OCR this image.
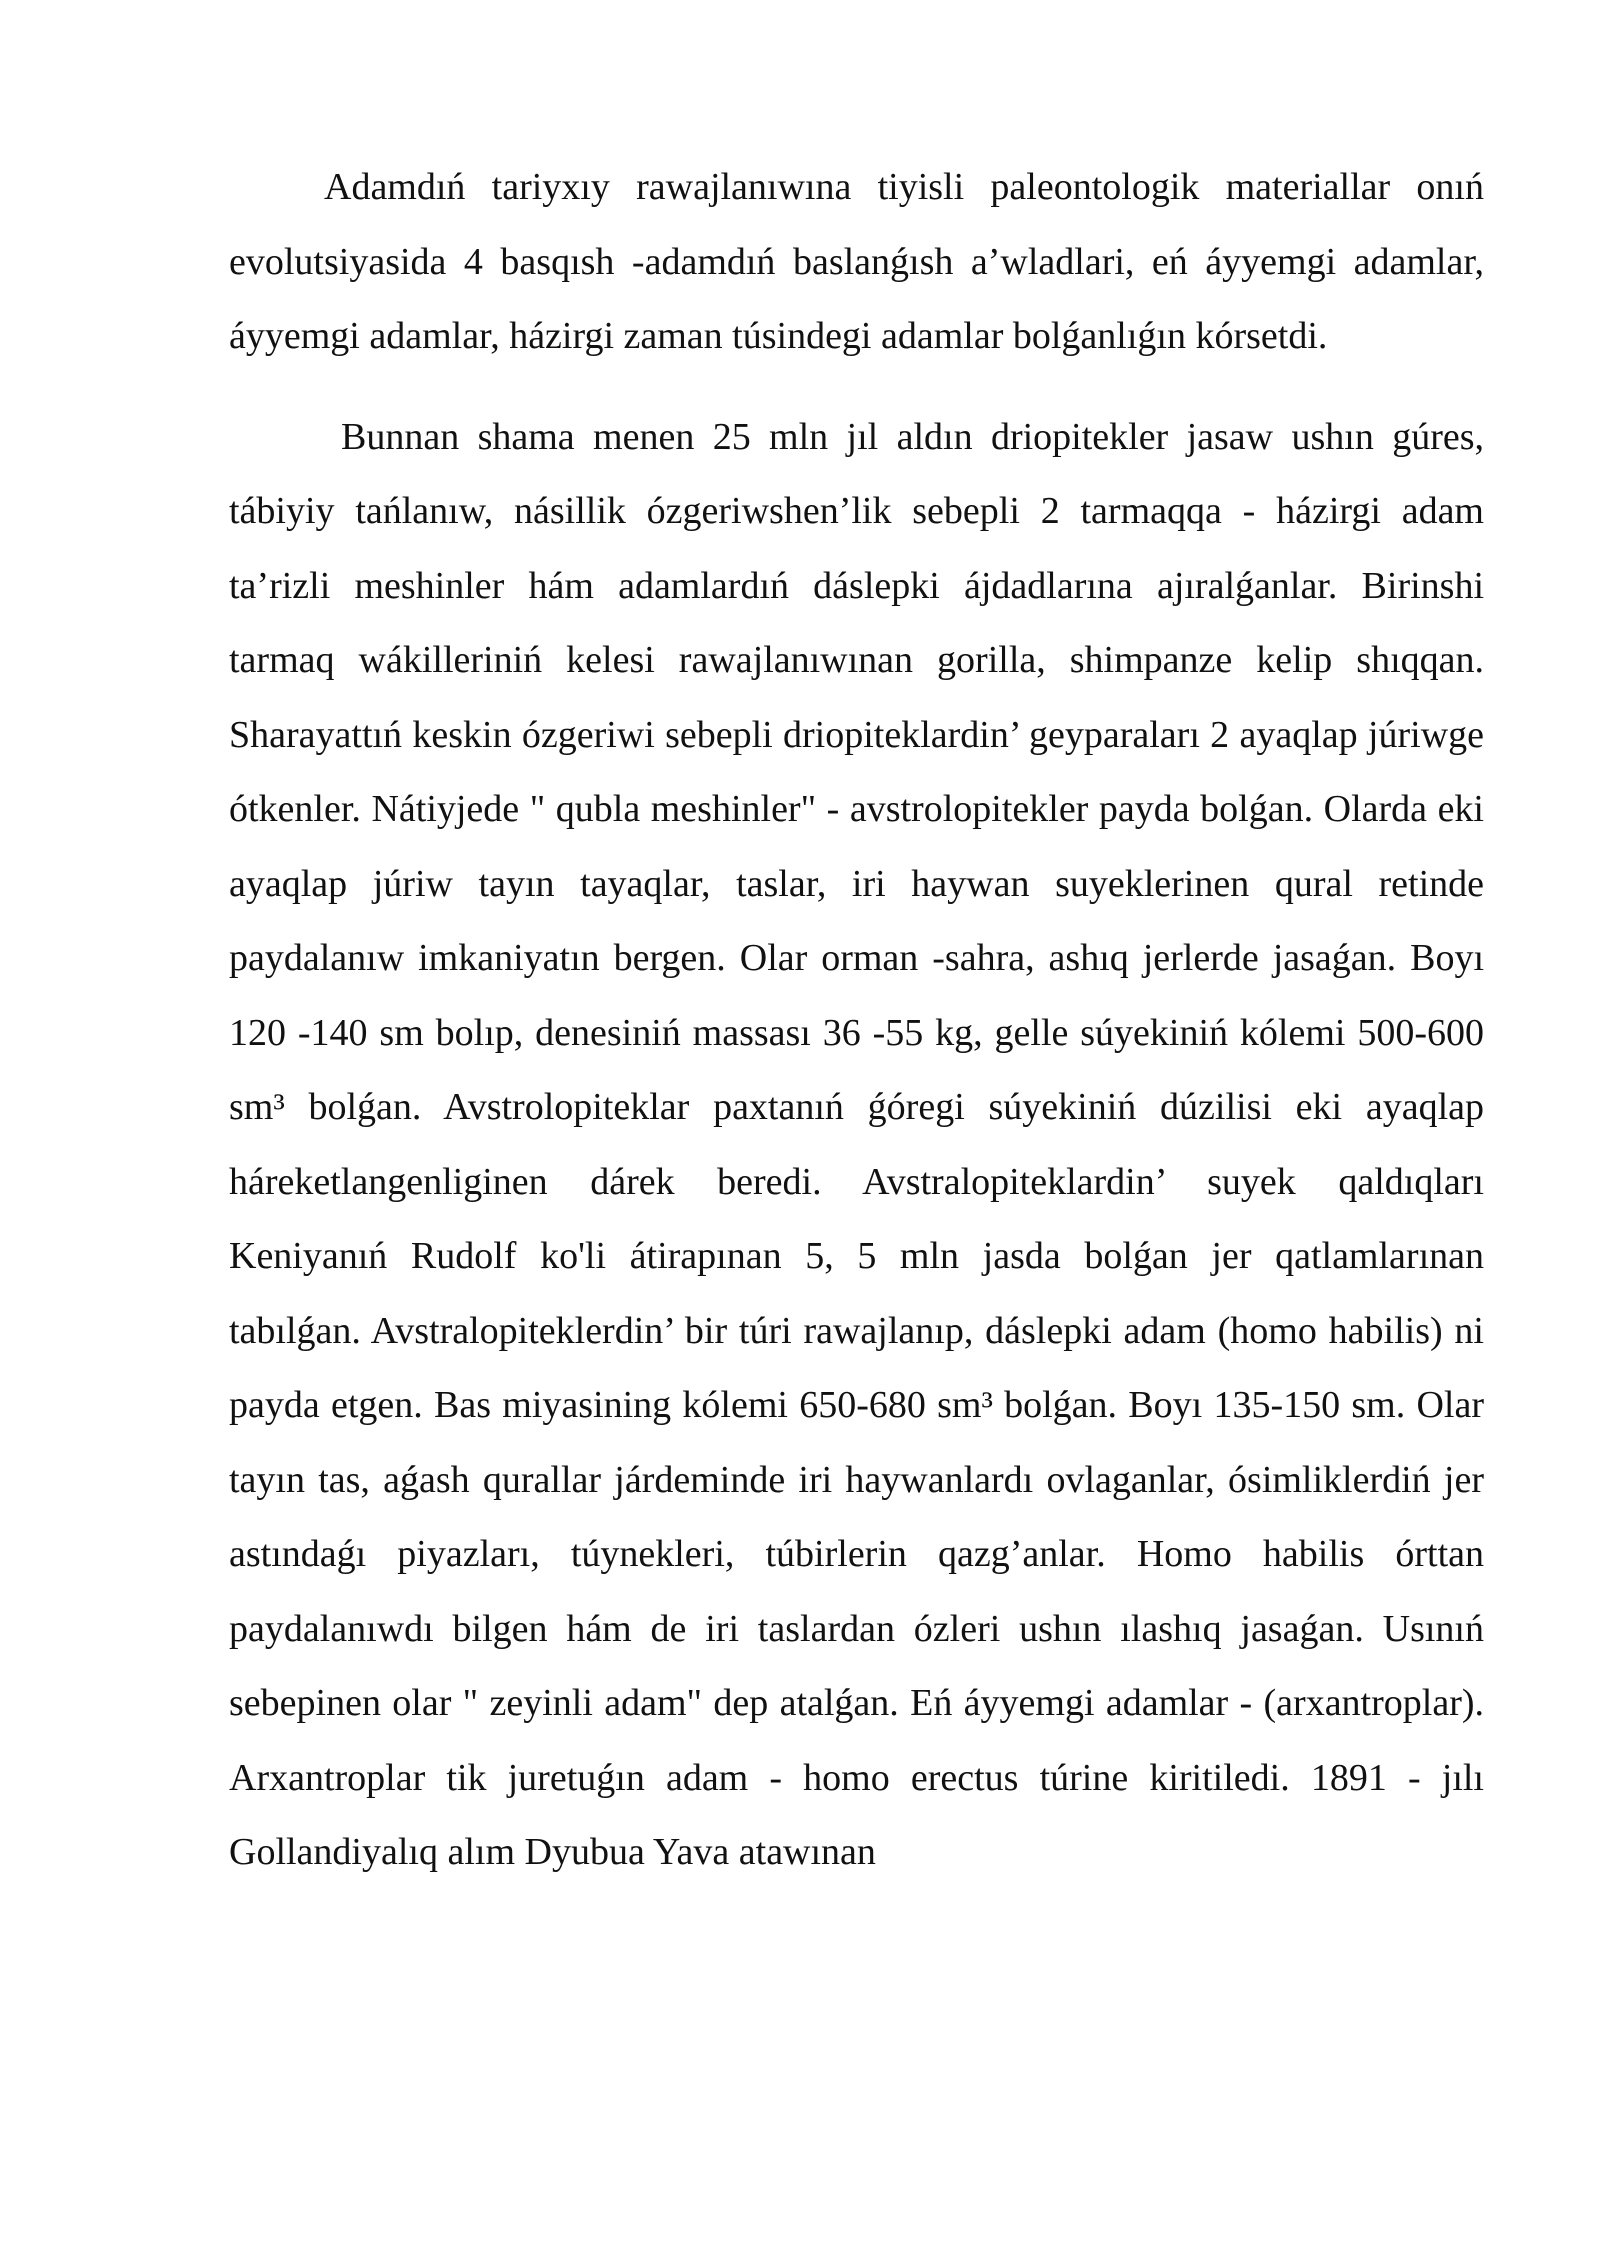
Adamdıń tariyxıy rawajlanıwına tiyisli paleontologik materiallar onıń evolutsiyasida 4 basqısh -adamdıń baslanǵısh a’wladlari, eń áyyemgi adamlar, áyyemgi adamlar, házirgi zaman túsindegi adamlar bolǵanlıǵın kórsetdi.

Bunnan shama menen 25 mln jıl aldın driopitekler jasaw ushın gúres, tábiyiy tańlanıw, násillik ózgeriwshen’lik sebepli 2 tarmaqqa - házirgi adam ta’rizli meshinler hám adamlardıń dáslepki ájdadlarına ajıralǵanlar. Birinshi tarmaq wákilleriniń kelesi rawajlanıwınan gorilla, shimpanze kelip shıqqan. Sharayattıń keskin ózgeriwi sebepli driopiteklardin’ geyparaları 2 ayaqlap júriwge ótkenler. Nátiyjede " qubla meshinler" - avstrolopitekler payda bolǵan. Olarda eki ayaqlap júriw tayın tayaqlar, taslar, iri haywan suyeklerinen qural retinde paydalanıw imkaniyatın bergen. Olar orman -sahra, ashıq jerlerde jasaǵan. Boyı 120 -140 sm bolıp, denesiniń massası 36 -55 kg, gelle súyekiniń kólemi 500-600 sm³ bolǵan. Avstrolopiteklar paxtanıń ǵóregi súyekiniń dúzilisi eki ayaqlap háreketlangenliginen dárek beredi. Avstralopiteklardin’ suyek qaldıqları Keniyanıń Rudolf ko'li átirapınan 5, 5 mln jasda bolǵan jer qatlamlarınan tabılǵan. Avstralopiteklerdin’ bir túri rawajlanıp, dáslepki adam (homo habilis) ni payda etgen. Bas miyasining kólemi 650-680 sm³ bolǵan. Boyı 135-150 sm. Olar tayın tas, aǵash qurallar járdeminde iri haywanlardı ovlaganlar, ósimliklerdiń jer astındaǵı piyazları, túynekleri, túbirlerin qazg’anlar. Homo habilis órttan paydalanıwdı bilgen hám de iri taslardan ózleri ushın ılashıq jasaǵan. Usınıń sebepinen olar " zeyinli adam" dep atalǵan. Eń áyyemgi adamlar - (arxantroplar). Arxantroplar tik juretuǵın adam - homo erectus túrine kiritiledi. 1891 - jılı Gollandiyalıq alım Dyubua Yava atawınan
